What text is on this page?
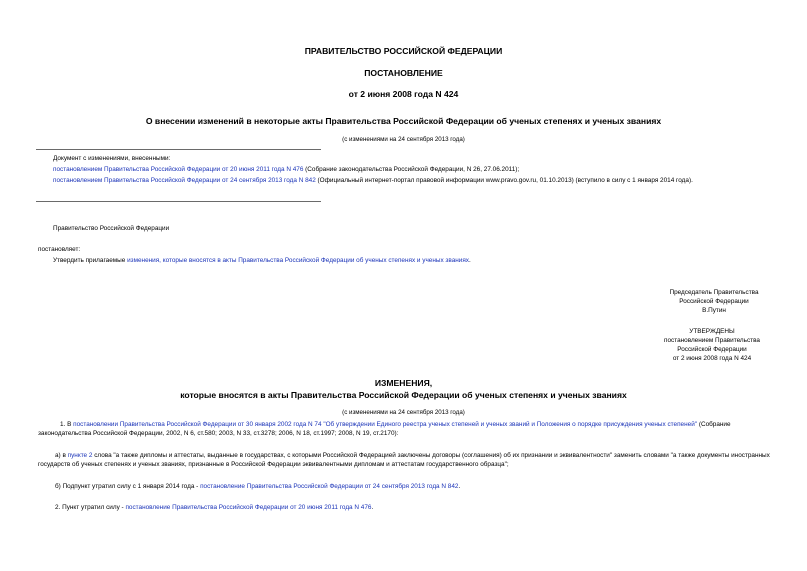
ПРАВИТЕЛЬСТВО РОССИЙСКОЙ ФЕДЕРАЦИИ
ПОСТАНОВЛЕНИЕ
от 2 июня 2008 года N 424
О внесении изменений в некоторые акты Правительства Российской Федерации об ученых степенях и ученых званиях
(с изменениями на 24 сентября 2013 года)
Документ с изменениями, внесенными:
постановлением Правительства Российской Федерации от 20 июня 2011 года N 476 (Собрание законодательства Российской Федерации, N 26, 27.06.2011);
постановлением Правительства Российской Федерации от 24 сентября 2013 года N 842 (Официальный интернет-портал правовой информации www.pravo.gov.ru, 01.10.2013) (вступило в силу с 1 января 2014 года).
Правительство Российской Федерации
постановляет:
Утвердить прилагаемые изменения, которые вносятся в акты Правительства Российской Федерации об ученых степенях и ученых званиях.
Председатель Правительства
Российской Федерации
В.Путин
УТВЕРЖДЕНЫ
постановлением Правительства
Российской Федерации
от 2 июня 2008 года N 424
ИЗМЕНЕНИЯ,
которые вносятся в акты Правительства Российской Федерации об ученых степенях и ученых званиях
(с изменениями на 24 сентября 2013 года)
1. В постановлении Правительства Российской Федерации от 30 января 2002 года N 74 "Об утверждении Единого реестра ученых степеней и ученых званий и Положения о порядке присуждения ученых степеней" (Собрание законодательства Российской Федерации, 2002, N 6, ст.580; 2003, N 33, ст.3278; 2006, N 18, ст.1997; 2008, N 19, ст.2170):
а) в пункте 2 слова "а также дипломы и аттестаты, выданные в государствах, с которыми Российской Федерацией заключены договоры (соглашения) об их признании и эквивалентности" заменить словами "а также документы иностранных государств об ученых степенях и ученых званиях, признанные в Российской Федерации эквивалентными дипломам и аттестатам государственного образца";
б) Подпункт утратил силу с 1 января 2014 года - постановление Правительства Российской Федерации от 24 сентября 2013 года N 842.
2. Пункт утратил силу - постановление Правительства Российской Федерации от 20 июня 2011 года N 476.
